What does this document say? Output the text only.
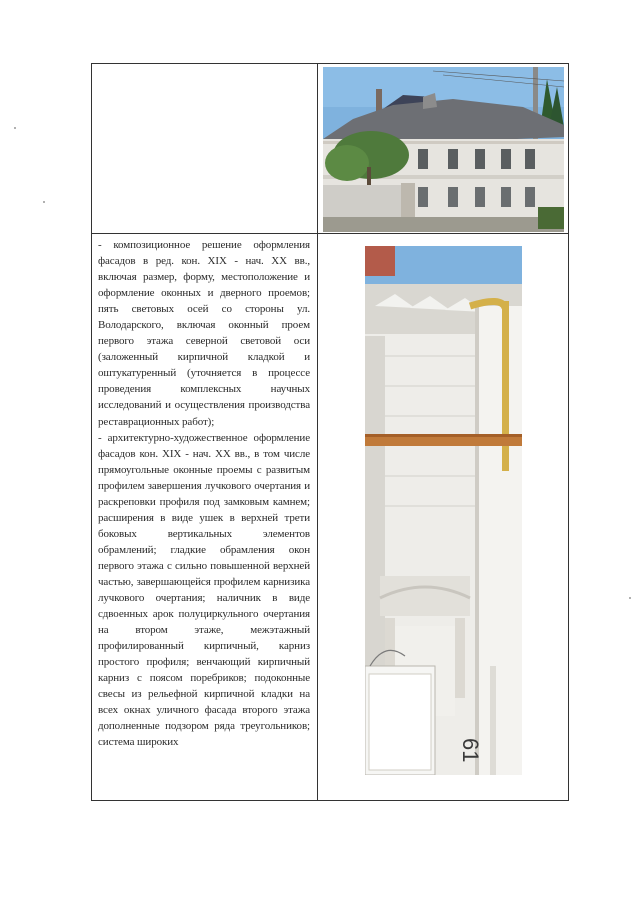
- композиционное решение оформления фасадов в ред. кон. XIX - нач. XX вв., включая размер, форму, местоположение и оформление оконных и дверного проемов; пять световых осей со стороны ул. Володарского, включая оконный проем первого этажа северной световой оси (заложенный кирпичной кладкой и оштукатуренный (уточняется в процессе проведения комплексных научных исследований и осуществления производства реставрационных работ);

- архитектурно-художественное оформление фасадов кон. XIX - нач. XX вв., в том числе прямоугольные оконные проемы с развитым профилем завершения лучкового очертания и раскреповки профиля под замковым камнем; расширения в виде ушек в верхней трети боковых вертикальных элементов обрамлений; гладкие обрамления окон первого этажа с сильно повышенной верхней частью, завершающейся профилем карнизика лучкового очертания; наличник в виде сдвоенных арок полуциркульного очертания на втором этаже, межэтажный профилированный кирпичный, карниз простого профиля; венчающий кирпичный карниз с поясом поребриков; подоконные свесы из рельефной кирпичной кладки на всех окнах уличного фасада второго этажа дополненные подзором ряда треугольников; система широких	61
